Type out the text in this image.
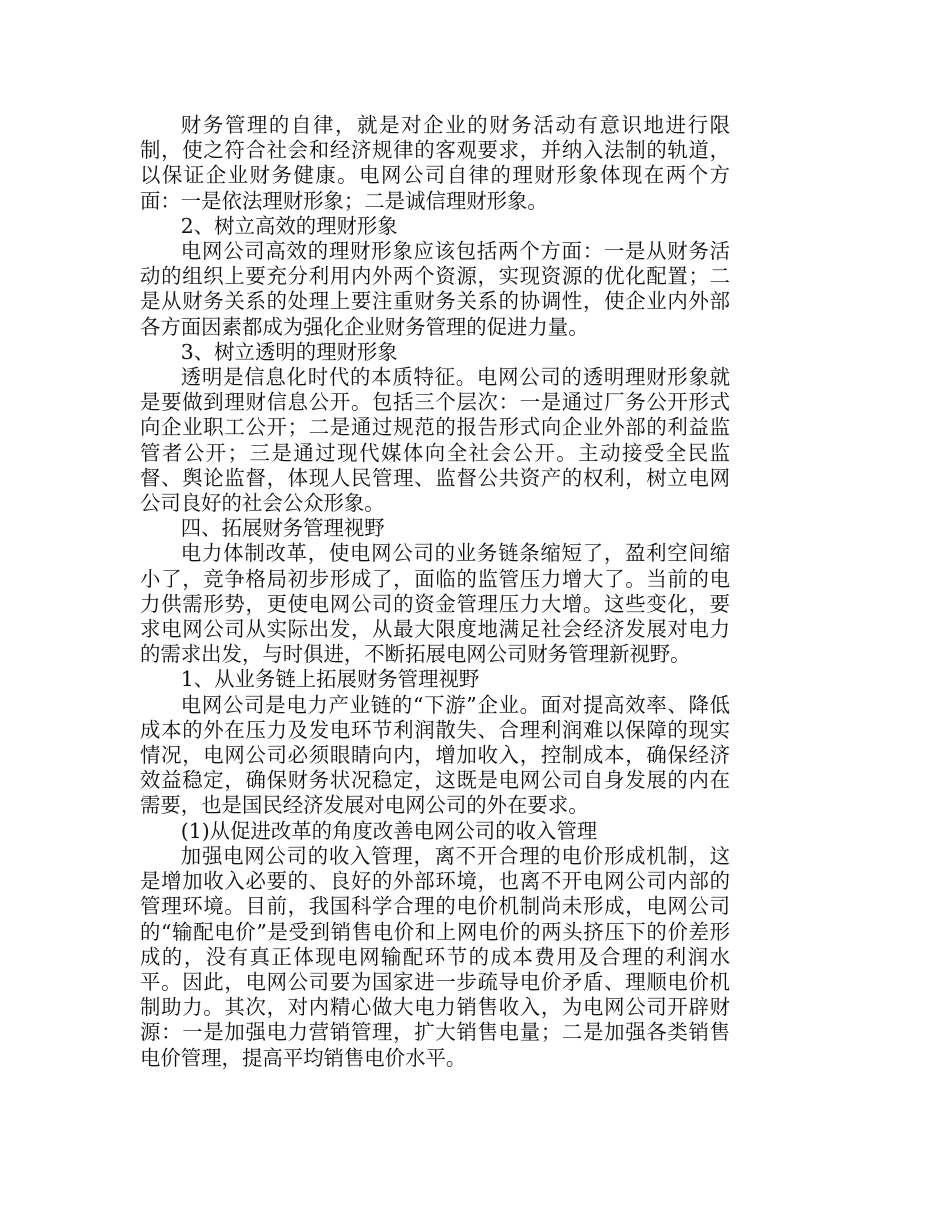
财务管理的自律，就是对企业的财务活动有意识地进行限制，使之符合社会和经济规律的客观要求，并纳入法制的轨道，以保证企业财务健康。电网公司自律的理财形象体现在两个方面：一是依法理财形象；二是诚信理财形象。

2、树立高效的理财形象

电网公司高效的理财形象应该包括两个方面：一是从财务活动的组织上要充分利用内外两个资源，实现资源的优化配置；二是从财务关系的处理上要注重财务关系的协调性，使企业内外部各方面因素都成为强化企业财务管理的促进力量。

3、树立透明的理财形象

透明是信息化时代的本质特征。电网公司的透明理财形象就是要做到理财信息公开。包括三个层次：一是通过厂务公开形式向企业职工公开；二是通过规范的报告形式向企业外部的利益监管者公开；三是通过现代媒体向全社会公开。主动接受全民监督、舆论监督，体现人民管理、监督公共资产的权利，树立电网公司良好的社会公众形象。

四、拓展财务管理视野

电力体制改革，使电网公司的业务链条缩短了，盈利空间缩小了，竞争格局初步形成了，面临的监管压力增大了。当前的电力供需形势，更使电网公司的资金管理压力大增。这些变化，要求电网公司从实际出发，从最大限度地满足社会经济发展对电力的需求出发，与时俱进，不断拓展电网公司财务管理新视野。

1、从业务链上拓展财务管理视野

电网公司是电力产业链的“下游”企业。面对提高效率、降低成本的外在压力及发电环节利润散失、合理利润难以保障的现实情况，电网公司必须眼睛向内，增加收入，控制成本，确保经济效益稳定，确保财务状况稳定，这既是电网公司自身发展的内在需要，也是国民经济发展对电网公司的外在要求。

(1)从促进改革的角度改善电网公司的收入管理

加强电网公司的收入管理，离不开合理的电价形成机制，这是增加收入必要的、良好的外部环境，也离不开电网公司内部的管理环境。目前，我国科学合理的电价机制尚未形成，电网公司的“输配电价”是受到销售电价和上网电价的两头挤压下的价差形成的，没有真正体现电网输配环节的成本费用及合理的利润水平。因此，电网公司要为国家进一步疏导电价矛盾、理顺电价机制助力。其次，对内精心做大电力销售收入，为电网公司开辟财源：一是加强电力营销管理，扩大销售电量；二是加强各类销售电价管理，提高平均销售电价水平。
